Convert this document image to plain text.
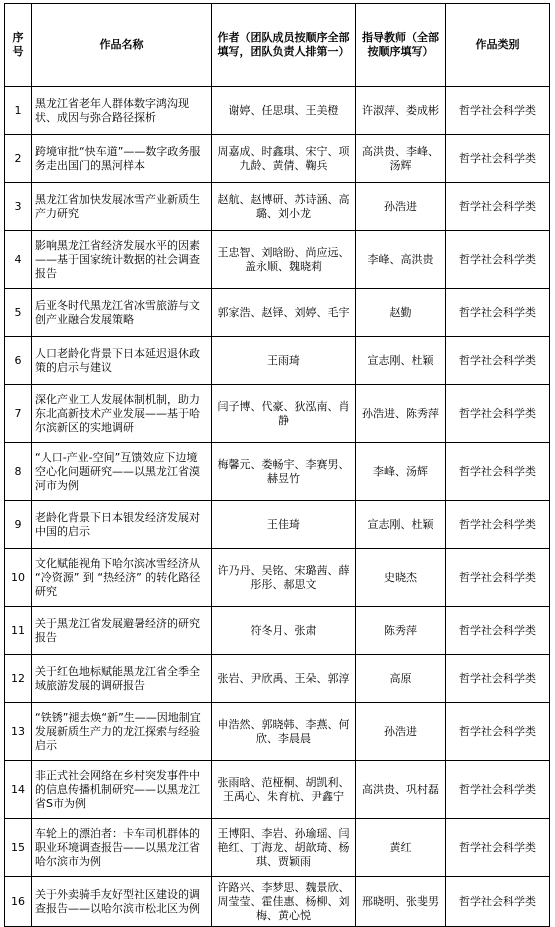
序号	作品名称	作者（团队成员按顺序全部填写，团队负责人排第一）	指导教师（全部按顺序填写）	作品类别
1	黑龙江省老年人群体数字鸿沟现状、成因与弥合路径探析	谢婷、任思琪、王美橙	许淑萍、娄成彬	哲学社会科学类
2	跨境审批“快车道”——数字政务服务走出国门的黑河样本	周嘉成、时鑫琪、宋宁、项九龄、黄倩、鞠兵	高洪贵、李峰、汤辉	哲学社会科学类
3	黑龙江省加快发展冰雪产业新质生产力研究	赵航、赵博研、苏诗涵、高璐、刘小龙	孙浩进	哲学社会科学类
4	影响黑龙江省经济发展水平的因素——基于国家统计数据的社会调查报告	王忠智、刘晗盼、尚应远、盖永顺、魏晓莉	李峰、高洪贵	哲学社会科学类
5	后亚冬时代黑龙江省冰雪旅游与文创产业融合发展策略	郭家浩、赵铎、刘婷、毛宇	赵勤	哲学社会科学类
6	人口老龄化背景下日本延迟退休政策的启示与建议	王雨琦	宣志刚、杜颖	哲学社会科学类
7	深化产业工人发展体制机制，助力东北高新技术产业发展——基于哈尔滨新区的实地调研	闫子博、代豪、狄泓南、肖静	孙浩进、陈秀萍	哲学社会科学类
8	“人口-产业-空间”互馈效应下边境空心化问题研究——以黑龙江省漠河市为例	梅馨元、娄畅宇、李赛男、赫昱竹	李峰、汤辉	哲学社会科学类
9	老龄化背景下日本银发经济发展对中国的启示	王佳琦	宣志刚、杜颖	哲学社会科学类
10	文化赋能视角下哈尔滨冰雪经济从 “冷资源” 到 “热经济” 的转化路径研究	许乃丹、吴铭、宋璐茜、薛彤彤、郝思文	史晓杰	哲学社会科学类
11	关于黑龙江省发展避暑经济的研究报告	符冬月、张肃	陈秀萍	哲学社会科学类
12	关于红色地标赋能黑龙江省全季全域旅游发展的调研报告	张岩、尹欣禹、王朵、郭淳	高原	哲学社会科学类
13	“铁锈”褪去焕“新”生——因地制宜发展新质生产力的龙江探索与经验启示	申浩然、郭晓韩、李燕、何欣、李晨晨	孙浩进	哲学社会科学类
14	非正式社会网络在乡村突发事件中的信息传播机制研究——以黑龙江省S市为例	张雨晗、范桠桐、胡凯利、王禹心、朱育杭、尹鑫宁	高洪贵、巩村磊	哲学社会科学类
15	车轮上的漂泊者：卡车司机群体的职业环境调查报告——以黑龙江省哈尔滨市为例	王博阳、李岩、孙瑜瑶、闫艳红、丁海龙、胡歆琦、杨琪、贾颖雨	黄红	哲学社会科学类
16	关于外卖骑手友好型社区建设的调查报告——以哈尔滨市松北区为例	许路兴、李梦思、魏景欣、周莹莹、霍佳惠、杨柳、刘梅、黄心悦	邢晓明、张斐男	哲学社会科学类
